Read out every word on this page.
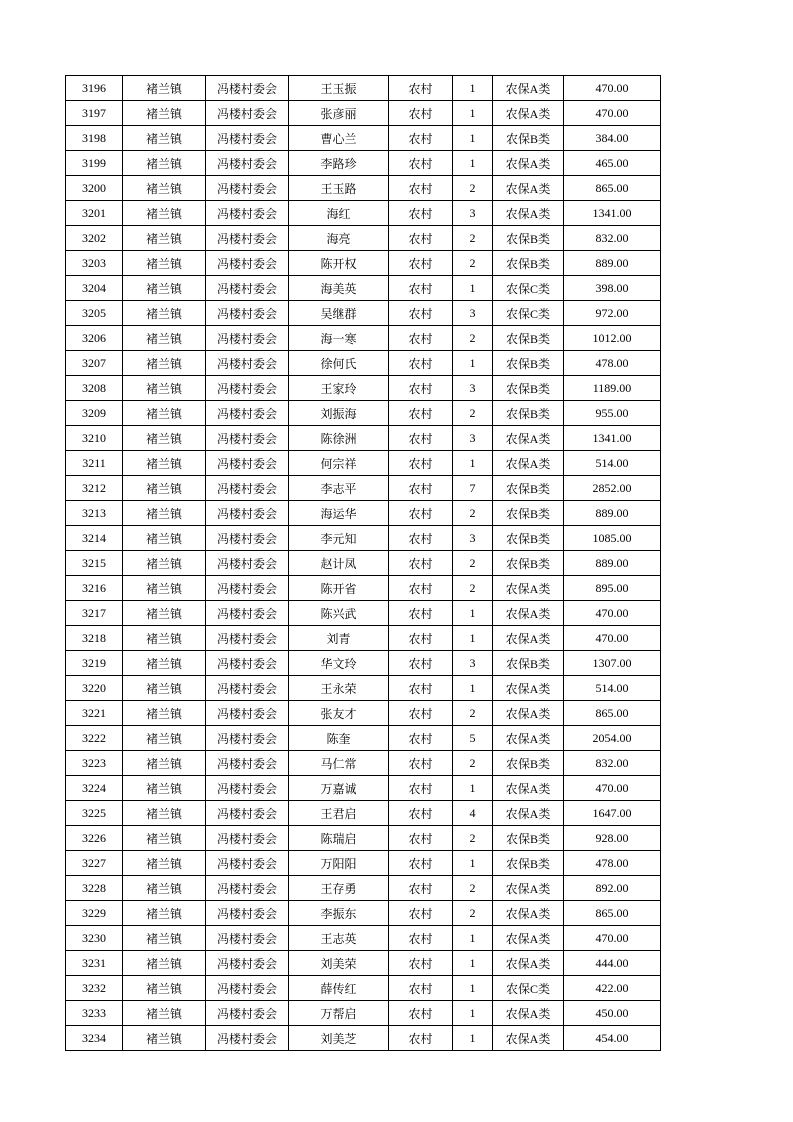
3196	褚兰镇	冯楼村委会	王玉振	农村	1	农保A类	470.00
3197	褚兰镇	冯楼村委会	张彦丽	农村	1	农保A类	470.00
3198	褚兰镇	冯楼村委会	曹心兰	农村	1	农保B类	384.00
3199	褚兰镇	冯楼村委会	李路珍	农村	1	农保A类	465.00
3200	褚兰镇	冯楼村委会	王玉路	农村	2	农保A类	865.00
3201	褚兰镇	冯楼村委会	海红	农村	3	农保A类	1341.00
3202	褚兰镇	冯楼村委会	海亮	农村	2	农保B类	832.00
3203	褚兰镇	冯楼村委会	陈开权	农村	2	农保B类	889.00
3204	褚兰镇	冯楼村委会	海美英	农村	1	农保C类	398.00
3205	褚兰镇	冯楼村委会	吴继群	农村	3	农保C类	972.00
3206	褚兰镇	冯楼村委会	海一寒	农村	2	农保B类	1012.00
3207	褚兰镇	冯楼村委会	徐何氏	农村	1	农保B类	478.00
3208	褚兰镇	冯楼村委会	王家玲	农村	3	农保B类	1189.00
3209	褚兰镇	冯楼村委会	刘振海	农村	2	农保B类	955.00
3210	褚兰镇	冯楼村委会	陈徐洲	农村	3	农保A类	1341.00
3211	褚兰镇	冯楼村委会	何宗祥	农村	1	农保A类	514.00
3212	褚兰镇	冯楼村委会	李志平	农村	7	农保B类	2852.00
3213	褚兰镇	冯楼村委会	海运华	农村	2	农保B类	889.00
3214	褚兰镇	冯楼村委会	李元知	农村	3	农保B类	1085.00
3215	褚兰镇	冯楼村委会	赵计凤	农村	2	农保B类	889.00
3216	褚兰镇	冯楼村委会	陈开省	农村	2	农保A类	895.00
3217	褚兰镇	冯楼村委会	陈兴武	农村	1	农保A类	470.00
3218	褚兰镇	冯楼村委会	刘青	农村	1	农保A类	470.00
3219	褚兰镇	冯楼村委会	华文玲	农村	3	农保B类	1307.00
3220	褚兰镇	冯楼村委会	王永荣	农村	1	农保A类	514.00
3221	褚兰镇	冯楼村委会	张友才	农村	2	农保A类	865.00
3222	褚兰镇	冯楼村委会	陈奎	农村	5	农保A类	2054.00
3223	褚兰镇	冯楼村委会	马仁常	农村	2	农保B类	832.00
3224	褚兰镇	冯楼村委会	万嘉诚	农村	1	农保A类	470.00
3225	褚兰镇	冯楼村委会	王君启	农村	4	农保A类	1647.00
3226	褚兰镇	冯楼村委会	陈瑞启	农村	2	农保B类	928.00
3227	褚兰镇	冯楼村委会	万阳阳	农村	1	农保B类	478.00
3228	褚兰镇	冯楼村委会	王存勇	农村	2	农保A类	892.00
3229	褚兰镇	冯楼村委会	李振东	农村	2	农保A类	865.00
3230	褚兰镇	冯楼村委会	王志英	农村	1	农保A类	470.00
3231	褚兰镇	冯楼村委会	刘美荣	农村	1	农保A类	444.00
3232	褚兰镇	冯楼村委会	薛传红	农村	1	农保C类	422.00
3233	褚兰镇	冯楼村委会	万帮启	农村	1	农保A类	450.00
3234	褚兰镇	冯楼村委会	刘美芝	农村	1	农保A类	454.00
